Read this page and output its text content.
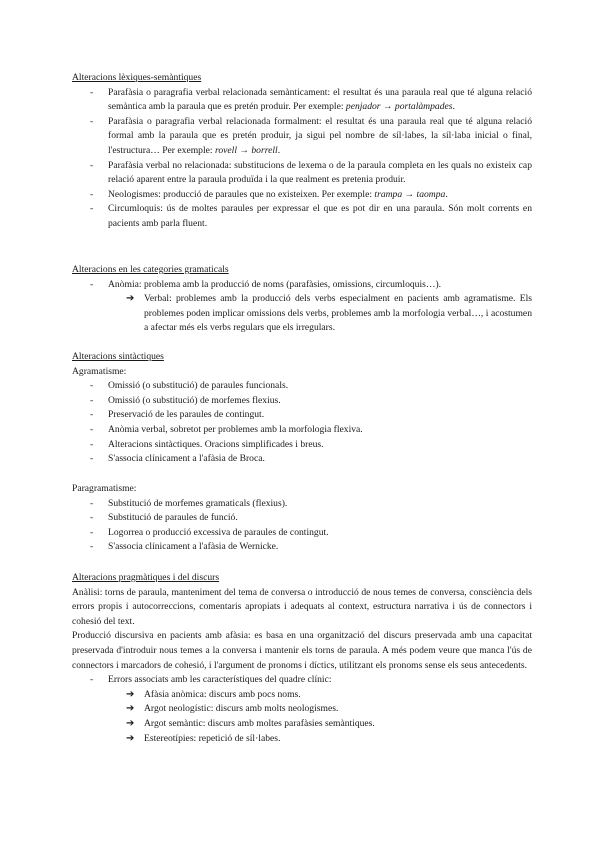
Alteracions lèxiques-semàntiques
- Parafàsia o paragrafia verbal relacionada semànticament: el resultat és una paraula real que té alguna relació semàntica amb la paraula que es pretén produir. Per exemple: penjador → portalàmpades.
- Parafàsia o paragrafia verbal relacionada formalment: el resultat és una paraula real que té alguna relació formal amb la paraula que es pretén produir, ja sigui pel nombre de síl·labes, la síl·laba inicial o final, l'estructura… Per exemple: rovell → borrell.
- Parafàsia verbal no relacionada: substitucions de lexema o de la paraula completa en les quals no existeix cap relació aparent entre la paraula produïda i la que realment es pretenia produir.
- Neologismes: producció de paraules que no existeixen. Per exemple: trampa → taompa.
- Circumloquis: ús de moltes paraules per expressar el que es pot dir en una paraula. Són molt corrents en pacients amb parla fluent.
Alteracions en les categories gramaticals
- Anòmia: problema amb la producció de noms (parafàsies, omissions, circumloquis…).
➔ Verbal: problemes amb la producció dels verbs especialment en pacients amb agramatisme. Els problemes poden implicar omissions dels verbs, problemes amb la morfologia verbal…, i acostumen a afectar més els verbs regulars que els irregulars.
Alteracions sintàctiques
Agramatisme:
- Omissió (o substitució) de paraules funcionals.
- Omissió (o substitució) de morfemes flexius.
- Preservació de les paraules de contingut.
- Anòmia verbal, sobretot per problemes amb la morfologia flexiva.
- Alteracions sintàctiques. Oracions simplificades i breus.
- S'associa clínicament a l'afàsia de Broca.
Paragramatisme:
- Substitució de morfemes gramaticals (flexius).
- Substitució de paraules de funció.
- Logorrea o producció excessiva de paraules de contingut.
- S'associa clínicament a l'afàsia de Wernicke.
Alteracions pragmàtiques i del discurs
Anàlisi: torns de paraula, manteniment del tema de conversa o introducció de nous temes de conversa, consciència dels errors propis i autocorreccions, comentaris apropiats i adequats al context, estructura narrativa i ús de connectors i cohesió del text.
Producció discursiva en pacients amb afàsia: es basa en una organització del discurs preservada amb una capacitat preservada d'introduir nous temes a la conversa i mantenir els torns de paraula. A més podem veure que manca l'ús de connectors i marcadors de cohesió, i l'argument de pronoms i díctics, utilitzant els pronoms sense els seus antecedents.
- Errors associats amb les característiques del quadre clínic:
➔ Afàsia anòmica: discurs amb pocs noms.
➔ Argot neologístic: discurs amb molts neologismes.
➔ Argot semàntic: discurs amb moltes parafàsies semàntiques.
➔ Estereotípies: repetició de síl·labes.
